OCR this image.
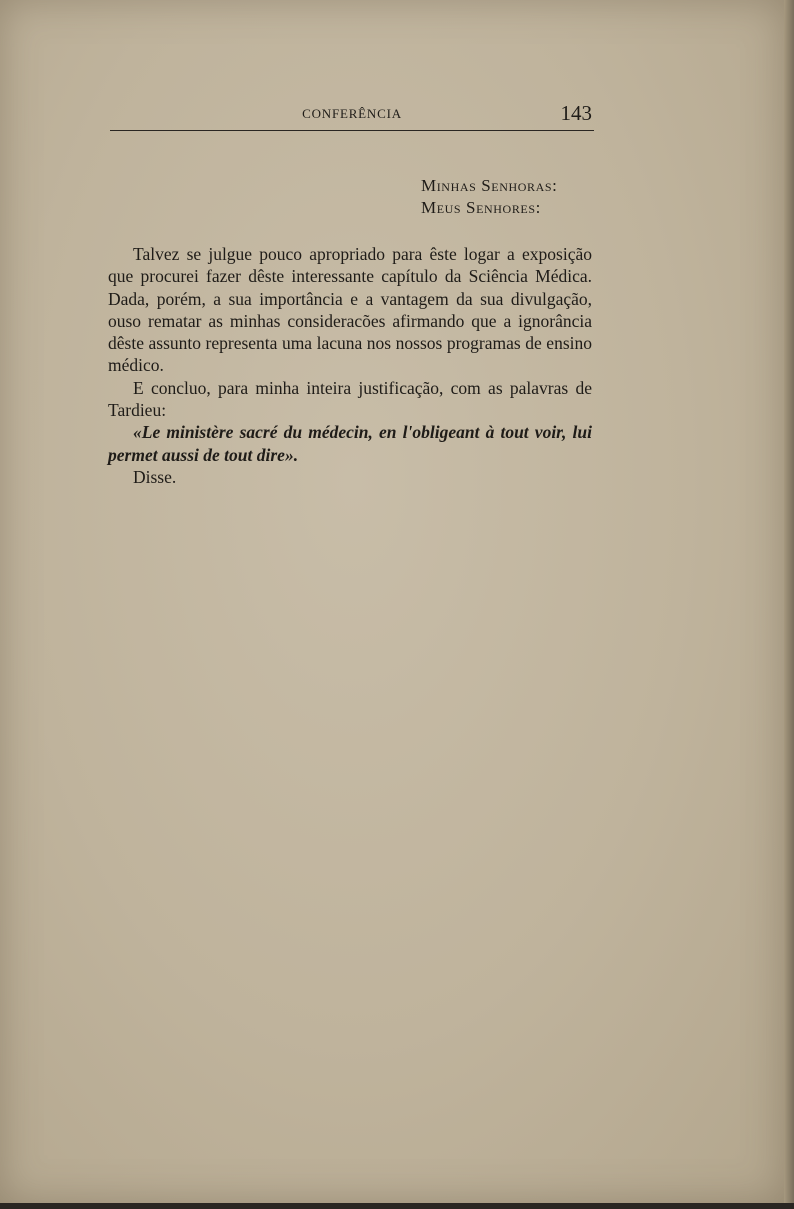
CONFERÊNCIA	143
Minhas Senhoras:
Meus Senhores:

Talvez se julgue pouco apropriado para êste logar a exposição que procurei fazer dêste interessante capítulo da Sciência Médica. Dada, porém, a sua importância e a vantagem da sua divulgação, ouso rematar as minhas consideracões afirmando que a ignorância dêste assunto representa uma lacuna nos nossos programas de ensino médico.

E concluo, para minha inteira justificação, com as palavras de Tardieu:

«Le ministère sacré du médecin, en l'obligeant à tout voir, lui permet aussi de tout dire».

Disse.
